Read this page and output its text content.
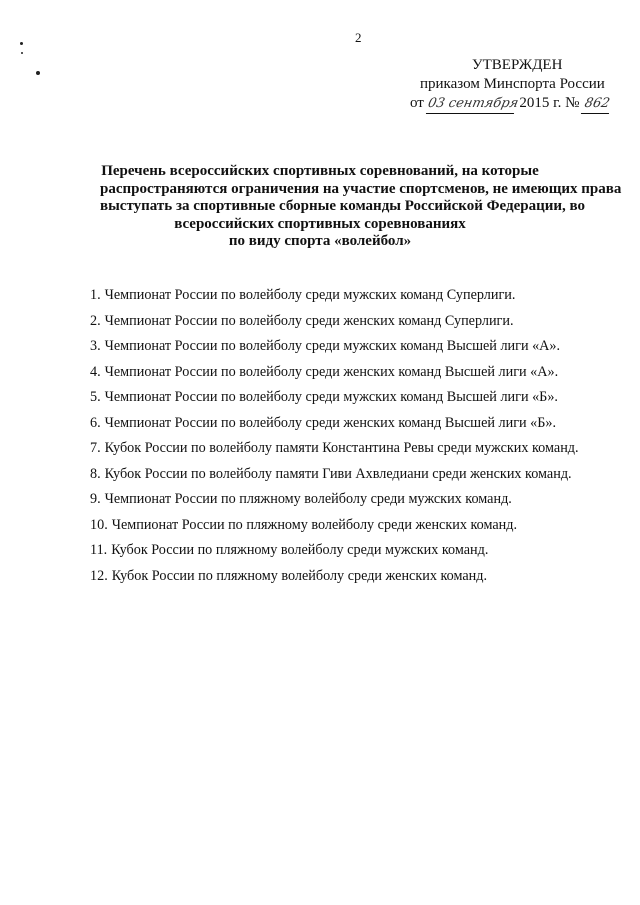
2
УТВЕРЖДЕН
приказом Минспорта России
от 03 сентября 2015 г. № 862
Перечень всероссийских спортивных соревнований, на которые
распространяются ограничения на участие спортсменов, не имеющих права
выступать за спортивные сборные команды Российской Федерации, во
всероссийских спортивных соревнованиях
по виду спорта «волейбол»
1. Чемпионат России по волейболу среди мужских команд Суперлиги.
2. Чемпионат России по волейболу среди женских команд Суперлиги.
3. Чемпионат России по волейболу среди мужских команд Высшей лиги «А».
4. Чемпионат России по волейболу среди женских команд Высшей лиги «А».
5. Чемпионат России по волейболу среди мужских команд Высшей лиги «Б».
6. Чемпионат России по волейболу среди женских команд Высшей лиги «Б».
7. Кубок России по волейболу памяти Константина Ревы среди мужских команд.
8. Кубок России по волейболу памяти Гиви Ахвледиани среди женских команд.
9. Чемпионат России по пляжному волейболу среди мужских команд.
10. Чемпионат России по пляжному волейболу среди женских команд.
11. Кубок России по пляжному волейболу среди мужских команд.
12. Кубок России по пляжному волейболу среди женских команд.
